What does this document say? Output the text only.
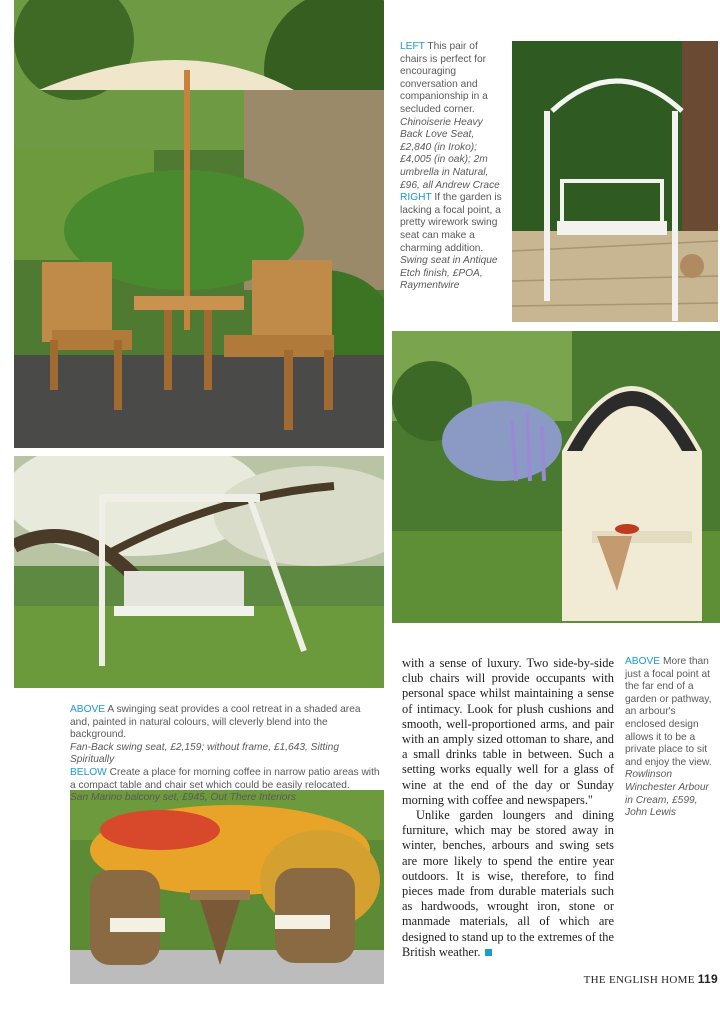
LEFT This pair of chairs is perfect for encouraging conversation and companionship in a secluded corner.
Chinoiserie Heavy Back Love Seat, £2,840 (in Iroko); £4,005 (in oak); 2m umbrella in Natural, £96, all Andrew Crace
RIGHT If the garden is lacking a focal point, a pretty wirework swing seat can make a charming addition.
Swing seat in Antique Etch finish, £POA, Raymentwire
ABOVE A swinging seat provides a cool retreat in a shaded area and, painted in natural colours, will cleverly blend into the background.
Fan-Back swing seat, £2,159; without frame, £1,643, Sitting Spiritually
BELOW Create a place for morning coffee in narrow patio areas with a compact table and chair set which could be easily relocated.
San Marino balcony set, £945, Out There Interiors

with a sense of luxury. Two side-by-side club chairs will provide occupants with personal space whilst maintaining a sense of intimacy. Look for plush cushions and smooth, well-proportioned arms, and pair with an amply sized ottoman to share, and a small drinks table in between. Such a setting works equally well for a glass of wine at the end of the day or Sunday morning with coffee and newspapers."

Unlike garden loungers and dining furniture, which may be stored away in winter, benches, arbours and swing sets are more likely to spend the entire year outdoors. It is wise, therefore, to find pieces made from durable materials such as hardwoods, wrought iron, stone or manmade materials, all of which are designed to stand up to the extremes of the British weather.

ABOVE More than just a focal point at the far end of a garden or pathway, an arbour's enclosed design allows it to be a private place to sit and enjoy the view.
Rowlinson Winchester Arbour in Cream, £599, John Lewis
THE ENGLISH HOME 119
